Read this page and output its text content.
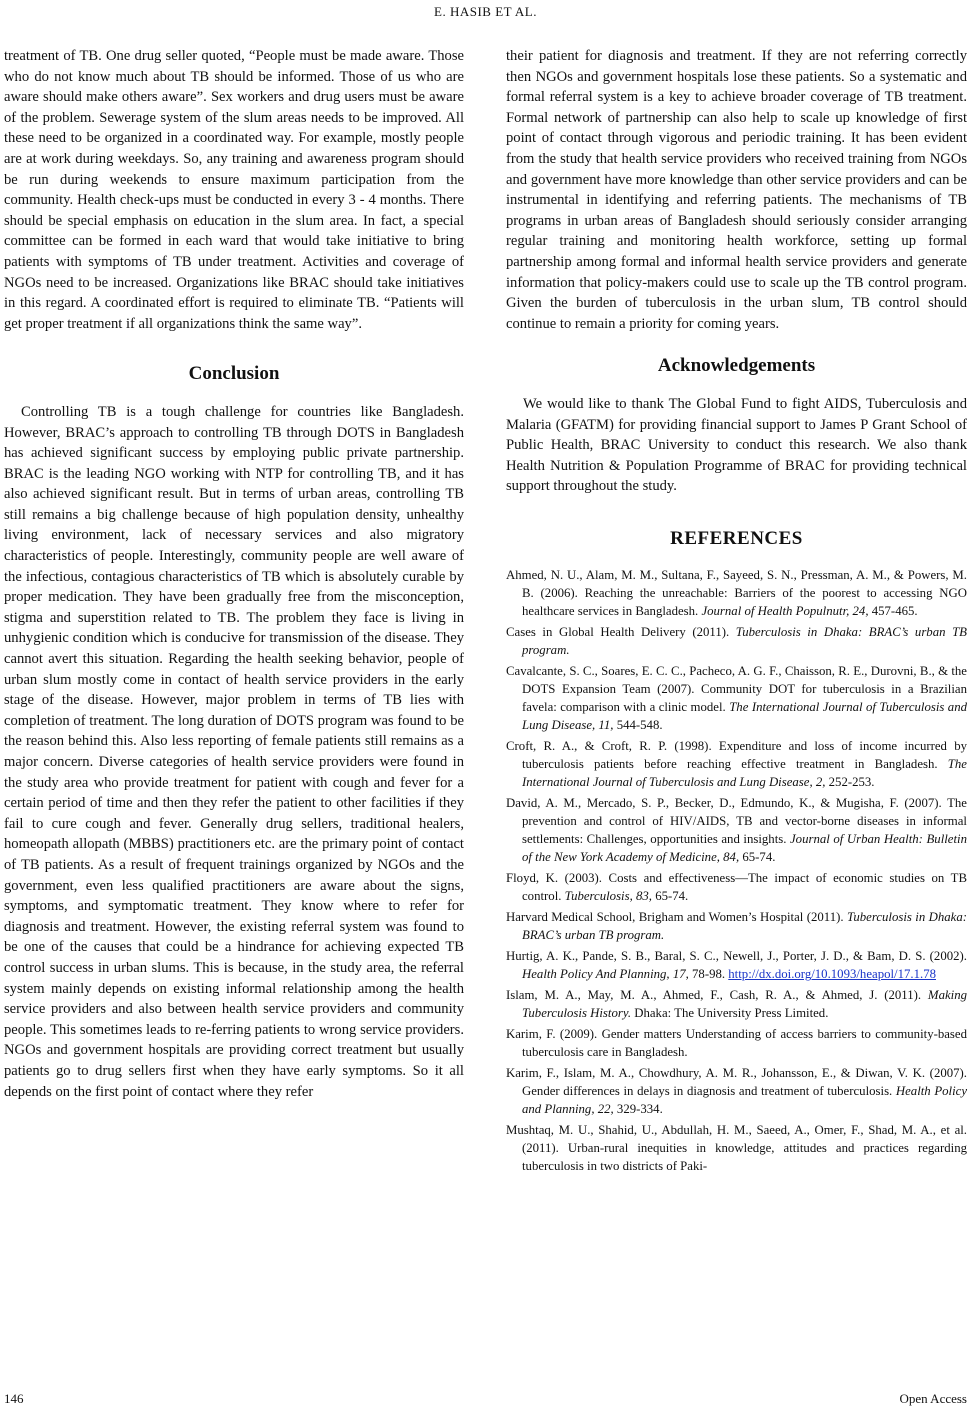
E. HASIB ET AL.

treatment of TB. One drug seller quoted, “People must be made aware. Those who do not know much about TB should be informed. Those of us who are aware should make others aware”. Sex workers and drug users must be aware of the problem. Sewerage system of the slum areas needs to be improved. All these need to be organized in a coordinated way. For example, mostly people are at work during weekdays. So, any training and awareness program should be run during weekends to ensure maximum participation from the community. Health check-ups must be conducted in every 3 - 4 months. There should be special emphasis on education in the slum area. In fact, a special committee can be formed in each ward that would take initiative to bring patients with symptoms of TB under treatment. Activities and coverage of NGOs need to be increased. Organizations like BRAC should take initiatives in this regard. A coordinated effort is required to eliminate TB. “Patients will get proper treatment if all organizations think the same way”.

Conclusion

Controlling TB is a tough challenge for countries like Bangladesh. However, BRAC’s approach to controlling TB through DOTS in Bangladesh has achieved significant success by employing public private partnership. BRAC is the leading NGO working with NTP for controlling TB, and it has also achieved significant result. But in terms of urban areas, controlling TB still remains a big challenge because of high population density, unhealthy living environment, lack of necessary services and also migratory characteristics of people. Interestingly, community people are well aware of the infectious, contagious characteristics of TB which is absolutely curable by proper medication. They have been gradually free from the misconception, stigma and superstition related to TB. The problem they face is living in unhygienic condition which is conducive for transmission of the disease. They cannot avert this situation. Regarding the health seeking behavior, people of urban slum mostly come in contact of health service providers in the early stage of the disease. However, major problem in terms of TB lies with completion of treatment. The long duration of DOTS program was found to be the reason behind this. Also less reporting of female patients still remains as a major concern. Diverse categories of health service providers were found in the study area who provide treatment for patient with cough and fever for a certain period of time and then they refer the patient to other facilities if they fail to cure cough and fever. Generally drug sellers, traditional healers, homeopath allopath (MBBS) practitioners etc. are the primary point of contact of TB patients. As a result of frequent trainings organized by NGOs and the government, even less qualified practitioners are aware about the signs, symptoms, and symptomatic treatment. They know where to refer for diagnosis and treatment. However, the existing referral system was found to be one of the causes that could be a hindrance for achieving expected TB control success in urban slums. This is because, in the study area, the referral system mainly depends on existing informal relationship among the health service providers and also between health service providers and community people. This sometimes leads to re-ferring patients to wrong service providers. NGOs and government hospitals are providing correct treatment but usually patients go to drug sellers first when they have early symptoms. So it all depends on the first point of contact where they refer

their patient for diagnosis and treatment. If they are not referring correctly then NGOs and government hospitals lose these patients. So a systematic and formal referral system is a key to achieve broader coverage of TB treatment. Formal network of partnership can also help to scale up knowledge of first point of contact through vigorous and periodic training. It has been evident from the study that health service providers who received training from NGOs and government have more knowledge than other service providers and can be instrumental in identifying and referring patients. The mechanisms of TB programs in urban areas of Bangladesh should seriously consider arranging regular training and monitoring health workforce, setting up formal partnership among formal and informal health service providers and generate information that policy-makers could use to scale up the TB control program. Given the burden of tuberculosis in the urban slum, TB control should continue to remain a priority for coming years.

Acknowledgements

We would like to thank The Global Fund to fight AIDS, Tuberculosis and Malaria (GFATM) for providing financial support to James P Grant School of Public Health, BRAC University to conduct this research. We also thank Health Nutrition & Population Programme of BRAC for providing technical support throughout the study.

REFERENCES
Ahmed, N. U., Alam, M. M., Sultana, F., Sayeed, S. N., Pressman, A. M., & Powers, M. B. (2006). Reaching the unreachable: Barriers of the poorest to accessing NGO healthcare services in Bangladesh. Journal of Health Populnutr, 24, 457-465.
Cases in Global Health Delivery (2011). Tuberculosis in Dhaka: BRAC’s urban TB program.
Cavalcante, S. C., Soares, E. C. C., Pacheco, A. G. F., Chaisson, R. E., Durovni, B., & the DOTS Expansion Team (2007). Community DOT for tuberculosis in a Brazilian favela: comparison with a clinic model. The International Journal of Tuberculosis and Lung Disease, 11, 544-548.
Croft, R. A., & Croft, R. P. (1998). Expenditure and loss of income incurred by tuberculosis patients before reaching effective treatment in Bangladesh. The International Journal of Tuberculosis and Lung Disease, 2, 252-253.
David, A. M., Mercado, S. P., Becker, D., Edmundo, K., & Mugisha, F. (2007). The prevention and control of HIV/AIDS, TB and vector-borne diseases in informal settlements: Challenges, opportunities and insights. Journal of Urban Health: Bulletin of the New York Academy of Medicine, 84, 65-74.
Floyd, K. (2003). Costs and effectiveness—The impact of economic studies on TB control. Tuberculosis, 83, 65-74.
Harvard Medical School, Brigham and Women’s Hospital (2011). Tuberculosis in Dhaka: BRAC’s urban TB program.
Hurtig, A. K., Pande, S. B., Baral, S. C., Newell, J., Porter, J. D., & Bam, D. S. (2002). Health Policy And Planning, 17, 78-98. http://dx.doi.org/10.1093/heapol/17.1.78
Islam, M. A., May, M. A., Ahmed, F., Cash, R. A., & Ahmed, J. (2011). Making Tuberculosis History. Dhaka: The University Press Limited.
Karim, F. (2009). Gender matters Understanding of access barriers to community-based tuberculosis care in Bangladesh.
Karim, F., Islam, M. A., Chowdhury, A. M. R., Johansson, E., & Diwan, V. K. (2007). Gender differences in delays in diagnosis and treatment of tuberculosis. Health Policy and Planning, 22, 329-334.
Mushtaq, M. U., Shahid, U., Abdullah, H. M., Saeed, A., Omer, F., Shad, M. A., et al. (2011). Urban-rural inequities in knowledge, attitudes and practices regarding tuberculosis in two districts of Paki-
146	Open Access
